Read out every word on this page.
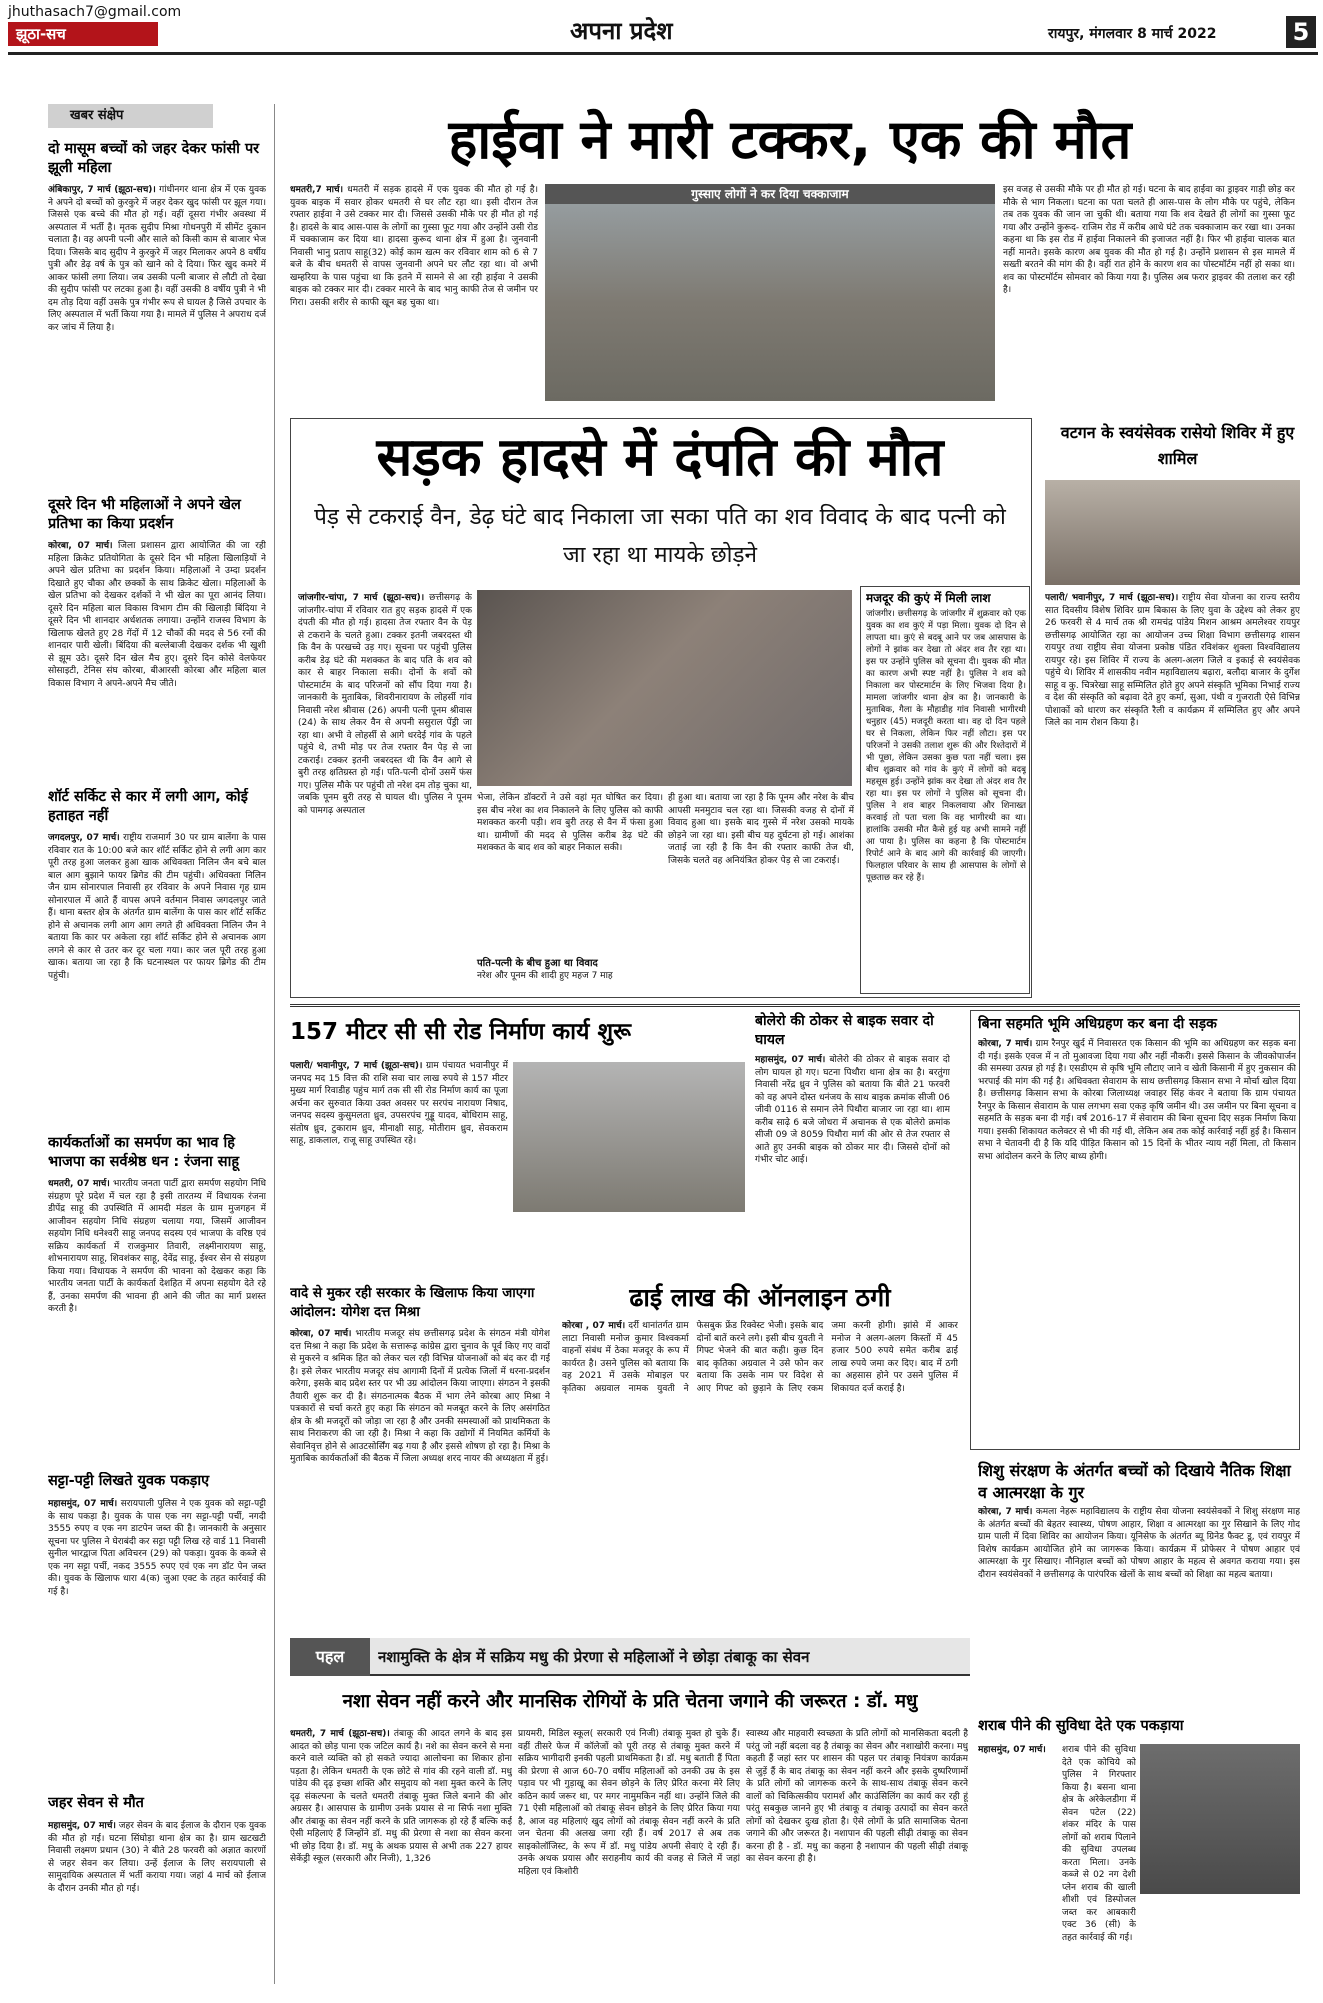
jhuthasach7@gmail.com
झूठा-सच	अपना प्रदेश	रायपुर, मंगलवार 8 मार्च 2022	5
खबर संक्षेप
दो मासूम बच्चों को जहर देकर फांसी पर झूली महिला
अंबिकापुर, 7 मार्च (झूठा-सच)। गांधीनगर थाना क्षेत्र में एक युवक ने अपने दो बच्चों को कुरकुरे में जहर देकर खुद फांसी पर झूल गया। जिससे एक बच्चे की मौत हो गई। वहीं दूसरा गंभीर अवस्था में अस्पताल में भर्ती है। मृतक सुदीप मिश्रा गोधनपुरी में सीमेंट दुकान चलाता है। वह अपनी पत्नी और साले को किसी काम से बाजार भेज दिया। जिसके बाद सुदीप ने कुरकुरे में जहर मिलाकर अपने 8 वर्षीय पुत्री और डेढ़ वर्ष के पुत्र को खाने को दे दिया। फिर खुद कमरे में आकर फांसी लगा लिया। जब उसकी पत्नी बाजार से लौटी तो देखा की सुदीप फांसी पर लटका हुआ है। वहीं उसकी 8 वर्षीय पुत्री ने भी दम तोड़ दिया वहीं उसके पुत्र गंभीर रूप से घायल है जिसे उपचार के लिए अस्पताल में भर्ती किया गया है। मामले में पुलिस ने अपराध दर्ज कर जांच में लिया है।
दूसरे दिन भी महिलाओं ने अपने खेल प्रतिभा का किया प्रदर्शन
कोरबा, 07 मार्च। जिला प्रशासन द्वारा आयोजित की जा रही महिला क्रिकेट प्रतियोगिता के दूसरे दिन भी महिला खिलाड़ियों ने अपने खेल प्रतिभा का प्रदर्शन किया। महिलाओं ने उम्दा प्रदर्शन दिखाते हुए चौका और छक्कों के साथ क्रिकेट खेला। महिलाओं के खेल प्रतिभा को देखकर दर्शकों ने भी खेल का पूरा आनंद लिया। दूसरे दिन महिला बाल विकास विभाग टीम की खिलाड़ी बिंदिया ने दूसरे दिन भी शानदार अर्धशतक लगाया। उन्होंने राजस्व विभाग के खिलाफ खेलते हुए 28 गेंदों में 12 चौकों की मदद से 56 रनों की शानदार पारी खेली। बिंदिया की बल्लेबाजी देखकर दर्शक भी खुशी से झूम उठे। दूसरे दिन खेल मैच हुए। दूसरे दिन कोसे वेलफेयर सोसाइटी, टेनिस संघ कोरबा, बीआरसी कोरबा और महिला बाल विकास विभाग ने अपने-अपने मैच जीते।
शॉर्ट सर्किट से कार में लगी आग, कोई हताहत नहीं
जगदलपुर, 07 मार्च। राष्ट्रीय राजमार्ग 30 पर ग्राम बालेंगा के पास रविवार रात के 10:00 बजे कार शॉर्ट सर्किट होने से लगी आग कार पूरी तरह हुआ जलकर हुआ खाक अधिवक्ता निलिन जैन बचे बाल बाल आग बुझाने फायर ब्रिगेड की टीम पहुंची। अधिवक्ता निलिन जैन ग्राम सोनारपाल निवासी हर रविवार के अपने निवास गृह ग्राम सोनारपाल में आते हैं वापस अपने वर्तमान निवास जगदलपुर जाते हैं। थाना बस्तर क्षेत्र के अंतर्गत ग्राम बालेंगा के पास कार शॉर्ट सर्किट होने से अचानक लगी आग आग लगते ही अधिवक्ता निलिन जैन ने बताया कि कार पर अकेला रहा शॉर्ट सर्किट होने से अचानक आग लगने से कार से उतर कर दूर चला गया। कार जल पूरी तरह हुआ खाक। बताया जा रहा है कि घटनास्थल पर फायर ब्रिगेड की टीम पहुंची।
कार्यकर्ताओं का समर्पण का भाव हि भाजपा का सर्वश्रेष्ठ धन : रंजना साहू
धमतरी, 07 मार्च। भारतीय जनता पार्टी द्वारा समर्पण सहयोग निधि संग्रहण पूरे प्रदेश में चल रहा है इसी तारतम्य में विधायक रंजना डीपेंद्र साहू की उपस्थिति में आमदी मंडल के ग्राम मुजगहन में आजीवन सहयोग निधि संग्रहण चलाया गया, जिसमें आजीवन सहयोग निधि धनेश्वरी साहू जनपद सदस्य एवं भाजपा के वरिष्ठ एवं सक्रिय कार्यकर्ता में राजकुमार तिवारी, लक्ष्मीनारायण साहू, शोभनारायण साहू, शिवशंकर साहू, देवेंद्र साहू, ईश्वर सेन से संग्रहण किया गया। विधायक ने समर्पण की भावना को देखकर कहा कि भारतीय जनता पार्टी के कार्यकर्ता देशहित में अपना सहयोग देते रहे हैं, उनका समर्पण की भावना ही आने की जीत का मार्ग प्रशस्त करती है।
सट्टा-पट्टी लिखते युवक पकड़ाए
महासमुंद, 07 मार्च। सरायपाली पुलिस ने एक युवक को सट्टा-पट्टी के साथ पकड़ा है। युवक के पास एक नग सट्टा-पट्टी पर्ची, नगदी 3555 रुपए व एक नग डाटपेन जब्त की है। जानकारी के अनुसार सूचना पर पुलिस ने घेराबंदी कर सट्टा पट्टी लिख रहे वार्ड 11 निवासी सुनील भारद्वाज पिता अविचरन (29) को पकड़ा। युवक के कब्जे से एक नग सट्टा पर्ची, नकद 3555 रुपए एवं एक नग डॉट पेन जब्त की। युवक के खिलाफ धारा 4(क) जुआ एक्ट के तहत कार्रवाई की गई है।
जहर सेवन से मौत
महासमुंद, 07 मार्च। जहर सेवन के बाद ईलाज के दौरान एक युवक की मौत हो गई। घटना सिंघोड़ा थाना क्षेत्र का है। ग्राम खटखटी निवासी लक्ष्मण प्रधान (30) ने बीते 28 फरवरी को अज्ञात कारणों से जहर सेवन कर लिया। उन्हें ईलाज के लिए सरायपाली से सामुदायिक अस्पताल में भर्ती कराया गया। जहां 4 मार्च को ईलाज के दौरान उनकी मौत हो गई।
हाईवा ने मारी टक्कर, एक की मौत
गुस्साए लोगों ने कर दिया चक्काजाम
धमतरी,7 मार्च। धमतरी में सड़क हादसे में एक युवक की मौत हो गई है। युवक बाइक में सवार होकर धमतरी से घर लौट रहा था। इसी दौरान तेज रफ्तार हाईवा ने उसे टक्कर मार दी। जिससे उसकी मौके पर ही मौत हो गई है। हादसे के बाद आस-पास के लोगों का गुस्सा फूट गया और उन्होंने उसी रोड में चक्काजाम कर दिया था। हादसा कुरूद थाना क्षेत्र में हुआ है। जुनवानी निवासी भानु प्रताप साहू(32) कोई काम खत्म कर रविवार शाम को 6 से 7 बजे के बीच धमतरी से वापस जुनवानी अपने घर लौट रहा था। वो अभी खम्हरिया के पास पहुंचा था कि इतने में सामने से आ रही हाईवा ने उसकी बाइक को टक्कर मार दी। टक्कर मारने के बाद भानु काफी तेज से जमीन पर गिरा। उसकी शरीर से काफी खून बह चुका था।
इस वजह से उसकी मौके पर ही मौत हो गई। घटना के बाद हाईवा का ड्राइवर गाड़ी छोड़ कर मौके से भाग निकला। घटना का पता चलते ही आस-पास के लोग मौके पर पहुंचे, लेकिन तब तक युवक की जान जा चुकी थी। बताया गया कि शव देखते ही लोगों का गुस्सा फूट गया और उन्होंने कुरूद- राजिम रोड में करीब आधे घंटे तक चक्काजाम कर रखा था। उनका कहना था कि इस रोड में हाईवा निकालने की इजाजत नहीं है। फिर भी हाईवा चालक बात नहीं मानते। इसके कारण अब युवक की मौत हो गई है। उन्होंने प्रशासन से इस मामले में सख्ती बरतने की मांग की है। वहीं रात होने के कारण शव का पोस्टमॉर्टम नहीं हो सका था। शव का पोस्टमॉर्टम सोमवार को किया गया है। पुलिस अब फरार ड्राइवर की तलाश कर रही है।
सड़क हादसे में दंपति की मौत
पेड़ से टकराई वैन, डेढ़ घंटे बाद निकाला जा सका पति का शव विवाद के बाद पत्नी को जा रहा था मायके छोड़ने
जांजगीर-चांपा, 7 मार्च (झूठा-सच)। छत्तीसगढ़ के जांजगीर-चांपा में रविवार रात हुए सड़क हादसे में एक दंपती की मौत हो गई। हादसा तेज रफ्तार वैन के पेड़ से टकराने के चलते हुआ। टक्कर इतनी जबरदस्त थी कि वैन के परखच्चे उड़ गए। सूचना पर पहुंची पुलिस करीब डेढ़ घंटे की मशक्कत के बाद पति के शव को कार से बाहर निकाला सकी। दोनों के शवों को पोस्टमार्टम के बाद परिजनों को सौंप दिया गया है। जानकारी के मुताबिक, शिवरीनारायण के लोहर्सी गांव निवासी नरेश श्रीवास (26) अपनी पत्नी पूनम श्रीवास (24) के साथ लेकर वैन से अपनी ससुराल पेंड्री जा रहा था। अभी वे लोहर्सी से आगे धरदेई गांव के पहले पहुंचे थे, तभी मोड़ पर तेज रफ्तार वैन पेड़ से जा टकराई। टक्कर इतनी जबरदस्त थी कि वैन आगे से बुरी तरह क्षतिग्रस्त हो गई। पति-पत्नी दोनों उसमें फंस गए। पुलिस मौके पर पहुंची तो नरेश दम तोड़ चुका था, जबकि पूनम बुरी तरह से घायल थी। पुलिस ने पूनम को पामगढ़ अस्पताल
भेजा, लेकिन डॉक्टरों ने उसे वहां मृत घोषित कर दिया। इस बीच नरेश का शव निकालने के लिए पुलिस को काफी मशक्कत करनी पड़ी। शव बुरी तरह से वैन में फंसा हुआ था। ग्रामीणों की मदद से पुलिस करीब डेढ़ घंटे की मशक्कत के बाद शव को बाहर निकाल सकी।
पति-पत्नी के बीच हुआ था विवाद
नरेश और पूनम की शादी हुए महज 7 माह
ही हुआ था। बताया जा रहा है कि पूनम और नरेश के बीच आपसी मनमुटाव चल रहा था। जिसकी वजह से दोनों में विवाद हुआ था। इसके बाद गुस्से में नरेश उसको मायके छोड़ने जा रहा था। इसी बीच यह दुर्घटना हो गई। आशंका जताई जा रही है कि वैन की रफ्तार काफी तेज थी, जिसके चलते वह अनियंत्रित होकर पेड़ से जा टकराई।
मजदूर की कुएं में मिली लाश
जांजगीर। छत्तीसगढ़ के जांजगीर में शुक्रवार को एक युवक का शव कुएं में पड़ा मिला। युवक दो दिन से लापता था। कुएं से बदबू आने पर जब आसपास के लोगों ने झांक कर देखा तो अंदर शव तैर रहा था। इस पर उन्होंने पुलिस को सूचना दी। युवक की मौत का कारण अभी स्पष्ट नहीं है। पुलिस ने शव को निकाला कर पोस्टमार्टम के लिए भिजवा दिया है। मामला जांजगीर थाना क्षेत्र का है। जानकारी के मुताबिक, गैला के मौहाडीह गांव निवासी भागीरथी धनुहार (45) मजदूरी करता था। वह दो दिन पहले घर से निकला, लेकिन फिर नहीं लौटा। इस पर परिजनों ने उसकी तलाश शुरू की और रिश्तेदारों में भी पूछा, लेकिन उसका कुछ पता नहीं चला। इस बीच शुक्रवार को गांव के कुएं में लोगों को बदबू महसूस हुई। उन्होंने झांक कर देखा तो अंदर शव तैर रहा था। इस पर लोगों ने पुलिस को सूचना दी। पुलिस ने शव बाहर निकलवाया और शिनाख्त करवाई तो पता चला कि वह भागीरथी का था। हालांकि उसकी मौत कैसे हुई यह अभी सामने नहीं आ पाया है। पुलिस का कहना है कि पोस्टमार्टम रिपोर्ट आने के बाद आगे की कार्रवाई की जाएगी। फिलहाल परिवार के साथ ही आसपास के लोगों से पूछताछ कर रहे हैं।
वटगन के स्वयंसेवक रासेयो शिविर में हुए शामिल
पलारी/ भवानीपुर, 7 मार्च (झूठा-सच)। राष्ट्रीय सेवा योजना का राज्य स्तरीय सात दिवसीय विशेष शिविर ग्राम बिकास के लिए युवा के उद्देश्य को लेकर हुए 26 फरवरी से 4 मार्च तक श्री रामचंद्र पांडेय मिशन आश्रम अमलेश्वर रायपुर छत्तीसगढ़ आयोजित रहा का आयोजन उच्च शिक्षा विभाग छत्तीसगढ़ शासन रायपुर तथा राष्ट्रीय सेवा योजना प्रकोष्ठ पंडित रविशंकर शुक्ला विश्वविद्यालय रायपुर रहे। इस शिविर में राज्य के अलग-अलग जिले व इकाई से स्वयंसेवक पहुंचे थे। शिविर में शासकीय नवीन महाविद्यालय बढ़ारा, बलौदा बाजार के दुर्गेश साहू व कु. चित्ररेखा साहू सम्मिलित होते हुए अपने संस्कृति भूमिका निभाई राज्य व देश की संस्कृति को बढ़ावा देते हुए कर्मा, सुआ, पंथी व गुजराती ऐसे विभिन्न पोशाकों को धारण कर संस्कृति रैली व कार्यक्रम में सम्मिलित हुए और अपने जिले का नाम रोशन किया है।
157 मीटर सी सी रोड निर्माण कार्य शुरू
पलारी/ भवानीपुर, 7 मार्च (झूठा-सच)। ग्राम पंचायत भवानीपुर में जनपद मद 15 वित्त की राशि सवा चार लाख रुपये से 157 मीटर मुख्य मार्ग रिवाडीह पहुंच मार्ग तक सी सी रोड निर्माण कार्य का पूजा अर्चना कर सुरुवात किया उक्त अवसर पर सरपंच नारायण निषाद, जनपद सदस्य कुसुमलता ध्रुव, उपसरपंच गुड्डू यादव, बोधिराम साहू, संतोष ध्रुव, टुकाराम ध्रुव, मीनाक्षी साहू, मोतीराम ध्रुव, सेवकराम साहू, डाकलाल, राजू साहू उपस्थित रहे।
बोलेरो की ठोकर से बाइक सवार दो घायल
महासमुंद, 07 मार्च। बोलेरो की ठोकर से बाइक सवार दो लोग घायल हो गए। घटना पिथौरा थाना क्षेत्र का है। बरतुंगा निवासी नरेंद्र ध्रुव ने पुलिस को बताया कि बीते 21 फरवरी को वह अपने दोस्त धनंजय के साथ बाइक क्रमांक सीजी 06 जीवी 0116 से समान लेने पिथौरा बाजार जा रहा था। शाम करीब साढ़े 6 बजे जोधरा में अचानक से एक बोलेरो क्रमांक सीजी 09 जे 8059 पिथौरा मार्ग की ओर से तेज रफ्तार से आते हुए उनकी बाइक को ठोकर मार दी। जिससे दोनों को गंभीर चोट आई।
बिना सहमति भूमि अधिग्रहण कर बना दी सड़क
कोरबा, 7 मार्च। ग्राम रैनपुर खुर्द में निवासरत एक किसान की भूमि का अधिग्रहण कर सड़क बना दी गई। इसके एवज में न तो मुआवजा दिया गया और नहीं नौकरी। इससे किसान के जीवकोपार्जन की समस्या उत्पन्न हो गई है। एसडीएम से कृषि भूमि लौटाए जाने व खेती किसानी में हुए नुकसान की भरपाई की मांग की गई है। अधिवक्ता सेवाराम के साथ छत्तीसगढ़ किसान सभा ने मोर्चा खोल दिया है। छत्तीसगढ़ किसान सभा के कोरबा जिलाध्यक्ष जवाहर सिंह कंवर ने बताया कि ग्राम पंचायत रैनपुर के किसान सेवाराम के पास लगभग सवा एकड़ कृषि जमीन थी। उस जमीन पर बिना सूचना व सहमति के सड़क बना दी गई। वर्ष 2016-17 में सेवाराम की बिना सूचना दिए सड़क निर्माण किया गया। इसकी शिकायत कलेक्टर से भी की गई थी, लेकिन अब तक कोई कार्रवाई नहीं हुई है। किसान सभा ने चेतावनी दी है कि यदि पीड़ित किसान को 15 दिनों के भीतर न्याय नहीं मिला, तो किसान सभा आंदोलन करने के लिए बाध्य होगी।
वादे से मुकर रही सरकार के खिलाफ किया जाएगा आंदोलन: योगेश दत्त मिश्रा
कोरबा, 07 मार्च। भारतीय मजदूर संघ छत्तीसगढ़ प्रदेश के संगठन मंत्री योगेश दत्त मिश्रा ने कहा कि प्रदेश के सत्तारूढ़ कांग्रेस द्वारा चुनाव के पूर्व किए गए वादों से मुकरने व श्रमिक हित को लेकर चल रही विभिन्न योजनाओं को बंद कर दी गई है। इसे लेकर भारतीय मजदूर संघ आगामी दिनों में प्रत्येक जिलों में धरना-प्रदर्शन करेगा, इसके बाद प्रदेश स्तर पर भी उग्र आंदोलन किया जाएगा। संगठन ने इसकी तैयारी शुरू कर दी है। संगठनात्मक बैठक में भाग लेने कोरबा आए मिश्रा ने पत्रकारों से चर्चा करते हुए कहा कि संगठन को मजबूत करने के लिए असंगठित क्षेत्र के श्री मजदूरों को जोड़ा जा रहा है और उनकी समस्याओं को प्राथमिकता के साथ निराकरण की जा रही है। मिश्रा ने कहा कि उद्योगों में नियमित कर्मियों के सेवानिवृत्त होने से आउटसोर्सिंग बढ़ गया है और इससे शोषण हो रहा है। मिश्रा के मुताबिक कार्यकर्ताओं की बैठक में जिला अध्यक्ष शरद नायर की अध्यक्षता में हुई।
ढाई लाख की ऑनलाइन ठगी
कोरबा , 07 मार्च। दर्री थानांतर्गत ग्राम लाटा निवासी मनोज कुमार विश्वकर्मा वाहनों संबंध में ठेका मजदूर के रूप में कार्यरत है। उसने पुलिस को बताया कि वह 2021 में उसके मोबाइल पर कृतिका अग्रवाल नामक युवती ने फेसबुक फ्रेंड रिक्वेस्ट भेजी। इसके बाद दोनों बातें करने लगे। इसी बीच युवती ने गिफ्ट भेजने की बात कही। कुछ दिन बाद कृतिका अग्रवाल ने उसे फोन कर बताया कि उसके नाम पर विदेश से आए गिफ्ट को छुड़ाने के लिए रकम जमा करनी होगी। झांसे में आकर मनोज ने अलग-अलग किस्तों में 45 हजार 500 रुपये समेत करीब ढाई लाख रुपये जमा कर दिए। बाद में ठगी का अहसास होने पर उसने पुलिस में शिकायत दर्ज कराई है।
शिशु संरक्षण के अंतर्गत बच्चों को दिखाये नैतिक शिक्षा व आत्मरक्षा के गुर
कोरबा, 7 मार्च। कमला नेहरू महाविद्यालय के राष्ट्रीय सेवा योजना स्वयंसेवकों ने शिशु संरक्षण माह के अंतर्गत बच्चों की बेहतर स्वास्थ्य, पोषण आहार, शिक्षा व आत्मरक्षा का गुर सिखाने के लिए गोद ग्राम पाली में दिवा शिविर का आयोजन किया। यूनिसेफ के अंतर्गत ब्यू ग्रिनेड फैक्ट डू, एवं रायपुर में विशेष कार्यक्रम आयोजित होने का जागरूक किया। कार्यक्रम में प्रोफेसर ने पोषण आहार एवं आत्मरक्षा के गुर सिखाए। नौनिहाल बच्चों को पोषण आहार के महत्व से अवगत कराया गया। इस दौरान स्वयंसेवकों ने छत्तीसगढ़ के पारंपरिक खेलों के साथ बच्चों को शिक्षा का महत्व बताया।
पहल	नशामुक्ति के क्षेत्र में सक्रिय मधु की प्रेरणा से महिलाओं ने छोड़ा तंबाकू का सेवन
नशा सेवन नहीं करने और मानसिक रोगियों के प्रति चेतना जगाने की जरूरत : डॉ. मधु
धमतरी, 7 मार्च (झूठा-सच)। तंबाकू की आदत लगने के बाद इस आदत को छोड़ पाना एक जटिल कार्य है। नशे का सेवन करने से मना करने वाले व्यक्ति को हो सकते ज्यादा आलोचना का शिकार होना पड़ता है। लेकिन धमतरी के एक छोटे से गांव की रहने वाली डॉ. मधु पांडेय की दृढ़ इच्छा शक्ति और समुदाय को नशा मुक्त करने के लिए दृढ़ संकल्पना के चलते धमतरी तंबाकू मुक्त जिले बनाने की ओर अग्रसर है। आसपास के ग्रामीण उनके प्रयास से ना सिर्फ नशा मुक्ति और तंबाकू का सेवन नहीं करने के प्रति जागरूक हो रहे हैं बल्कि कई ऐसी महिलाएं हैं जिन्होंने डॉ. मधु की प्रेरणा से नशा का सेवन करना भी छोड़ दिया है। डॉ. मधु के अथक प्रयास से अभी तक 227 हायर सेकेंड्री स्कूल (सरकारी और निजी), 1,326
प्रायमरी, मिडिल स्कूल( सरकारी एवं निजी) तंबाकू मुक्त हो चुके हैं। वहीं तीसरे फेज में कॉलेजों को पूरी तरह से तंबाकू मुक्त करने में सक्रिय भागीदारी इनकी पहली प्राथमिकता है। डॉ. मधु बताती हैं पिता की प्रेरणा से आज 60-70 वर्षीय महिलाओं को उनकी उम्र के इस पड़ाव पर भी गुड़ाखू का सेवन छोड़ने के लिए प्रेरित करना मेरे लिए कठिन कार्य जरूर था, पर मगर नामुमकिन नहीं था। उन्होंने जिले की 71 ऐसी महिलाओं को तंबाकू सेवन छोड़ने के लिए प्रेरित किया गया है, आज वह महिलाएं खुद लोगों को तंबाकू सेवन नहीं करने के प्रति जन चेतना की अलख जगा रही हैं। वर्ष 2017 से अब तक साइकोलॉजिस्ट, के रूप में डॉ. मधु पांडेय अपनी सेवाएं दे रही हैं। उनके अथक प्रयास और सराहनीय कार्य की वजह से जिले में जहां महिला एवं किशोरी
स्वास्थ्य और माहवारी स्वच्छता के प्रति लोगों को मानसिकता बदली है परंतु जो नहीं बदला वह है तंबाकू का सेवन और नशाखोरी करना। मधु कहती हैं जहां स्तर पर शासन की पहल पर तंबाकू नियंत्रण कार्यक्रम से जुड़ें हैं के बाद तंबाकू का सेवन नहीं करने और इसके दुष्परिणामों के प्रति लोगों को जागरूक करने के साथ-साथ तंबाकू सेवन करने वालों को चिकित्सकीय परामर्श और काउंसिलिंग का कार्य कर रही हूं परंतु सबकुछ जानने हुए भी तंबाकू व तंबाकू उत्पादों का सेवन करते लोगों को देखकर दुःख होता है। ऐसे लोगों के प्रति सामाजिक चेतना जगाने की और जरूरत है। नशापान की पहली सीढ़ी तंबाकू का सेवन करना ही है - डॉ. मधु का कहना है नशापान की पहली सीढ़ी तंबाकू का सेवन करना ही है।
शराब पीने की सुविधा देते एक पकड़ाया
महासमुंद, 07 मार्च।	शराब पीने की सुविधा देते एक कोचिये को पुलिस ने गिरफ्तार किया है। बसना थाना क्षेत्र के अरेकेलडीगा में सेवन पटेल (22) शंकर मंदिर के पास लोगों को शराब पिलाने की सुविधा उपलब्ध करता मिला। उनके कब्जे से 02 नग देशी प्लेन शराब की खाली शीशी एवं डिस्पोजल जब्त कर आबकारी एक्ट 36 (सी) के तहत कार्रवाई की गई।
